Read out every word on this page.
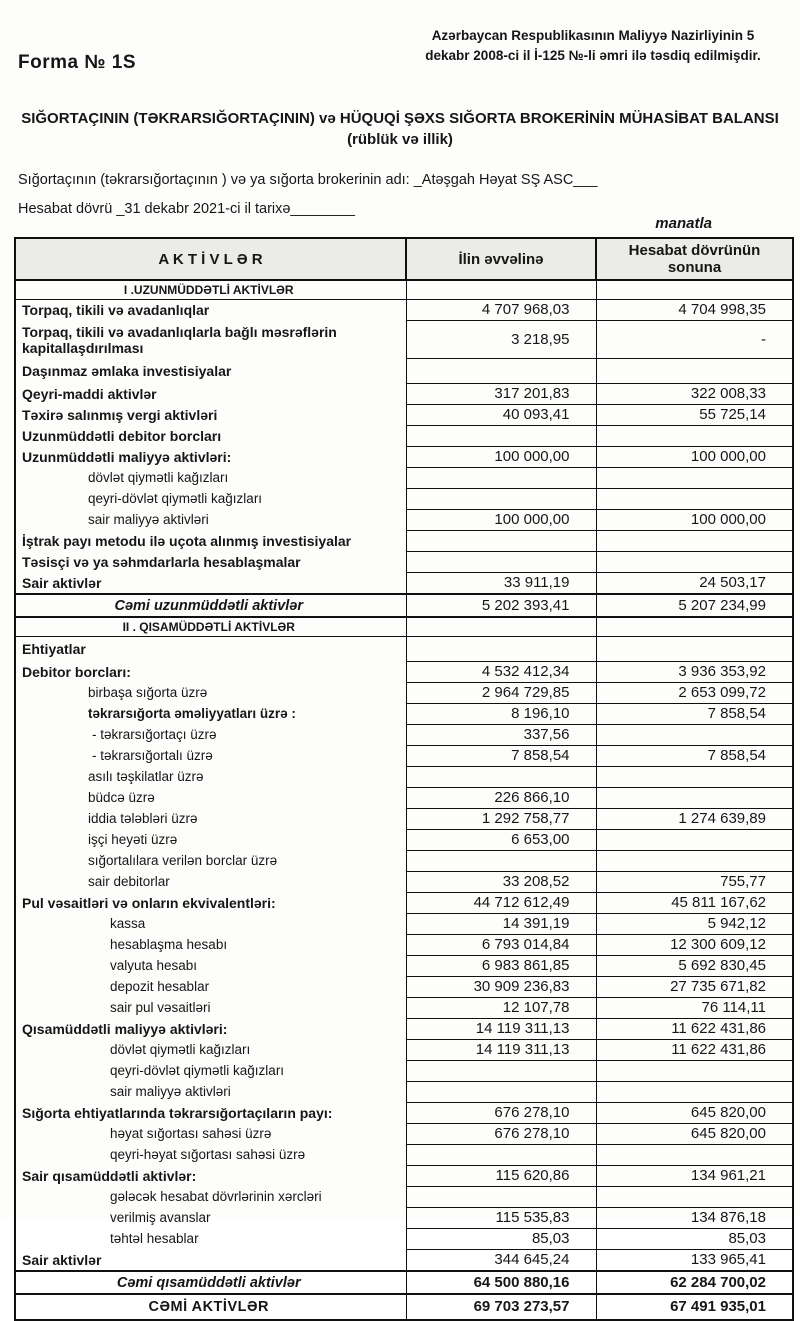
Forma № 1S
Azərbaycan Respublikasının Maliyyə Nazirliyinin 5
dekabr 2008-ci il İ-125 №-li əmri ilə təsdiq edilmişdir.
SIĞORTAÇININ (TƏKRARSIĞORTAÇININ) və HÜQUQİ ŞƏXS SIĞORTA BROKERİNİN MÜHASİBAT BALANSI (rüblük və illik)
Sığortaçının (təkrarsığortaçının ) və ya sığorta brokerinin adı: _Atəşgah Həyat SŞ ASC___
Hesabat dövrü _31 dekabr 2021-ci il tarixə________
manatla
A K T İ V L Ə R	İlin əvvəlinə	Hesabat dövrünün sonuna
I .UZUNMÜDDƏTLİ AKTİVLƏR		
Torpaq, tikili və avadanlıqlar	4 707 968,03	4 704 998,35
Torpaq, tikili və avadanlıqlarla bağlı məsrəflərin kapitallaşdırılması	3 218,95	-
Daşınmaz əmlaka investisiyalar		
Qeyri-maddi aktivlər	317 201,83	322 008,33
Təxirə salınmış vergi aktivləri	40 093,41	55 725,14
Uzunmüddətli debitor borcları		
Uzunmüddətli maliyyə aktivləri:	100 000,00	100 000,00
dövlət qiymətli kağızları		
qeyri-dövlət qiymətli kağızları		
sair maliyyə aktivləri	100 000,00	100 000,00
İştrak payı metodu ilə uçota alınmış investisiyalar		
Təsisçi və ya səhmdarlarla hesablaşmalar		
Sair aktivlər	33 911,19	24 503,17
Cəmi uzunmüddətli aktivlər	5 202 393,41	5 207 234,99
II . QISAMÜDDƏTLİ AKTİVLƏR		
Ehtiyatlar		
Debitor borcları:	4 532 412,34	3 936 353,92
birbaşa sığorta üzrə	2 964 729,85	2 653 099,72
təkrarsığorta əməliyyatları üzrə :	8 196,10	7 858,54
- təkrarsığortaçı üzrə	337,56	
- təkrarsığortalı üzrə	7 858,54	7 858,54
asılı təşkilatlar üzrə		
büdcə üzrə	226 866,10	
iddia tələbləri üzrə	1 292 758,77	1 274 639,89
işçi heyəti üzrə	6 653,00	
sığortalılara verilən borclar üzrə		
sair debitorlar	33 208,52	755,77
Pul vəsaitləri və onların ekvivalentləri:	44 712 612,49	45 811 167,62
kassa	14 391,19	5 942,12
hesablaşma hesabı	6 793 014,84	12 300 609,12
valyuta hesabı	6 983 861,85	5 692 830,45
depozit hesablar	30 909 236,83	27 735 671,82
sair pul vəsaitləri	12 107,78	76 114,11
Qısamüddətli maliyyə aktivləri:	14 119 311,13	11 622 431,86
dövlət qiymətli kağızları	14 119 311,13	11 622 431,86
qeyri-dövlət qiymətli kağızları		
sair maliyyə aktivləri		
Sığorta ehtiyatlarında təkrarsığortaçıların payı:	676 278,10	645 820,00
həyat sığortası sahəsi üzrə	676 278,10	645 820,00
qeyri-həyat sığortası sahəsi üzrə		
Sair qısamüddətli aktivlər:	115 620,86	134 961,21
gələcək hesabat dövrlərinin xərcləri		
verilmiş avanslar	115 535,83	134 876,18
təhtəl hesablar	85,03	85,03
Sair aktivlər	344 645,24	133 965,41
Cəmi qısamüddətli aktivlər	64 500 880,16	62 284 700,02
CƏMİ AKTİVLƏR	69 703 273,57	67 491 935,01
